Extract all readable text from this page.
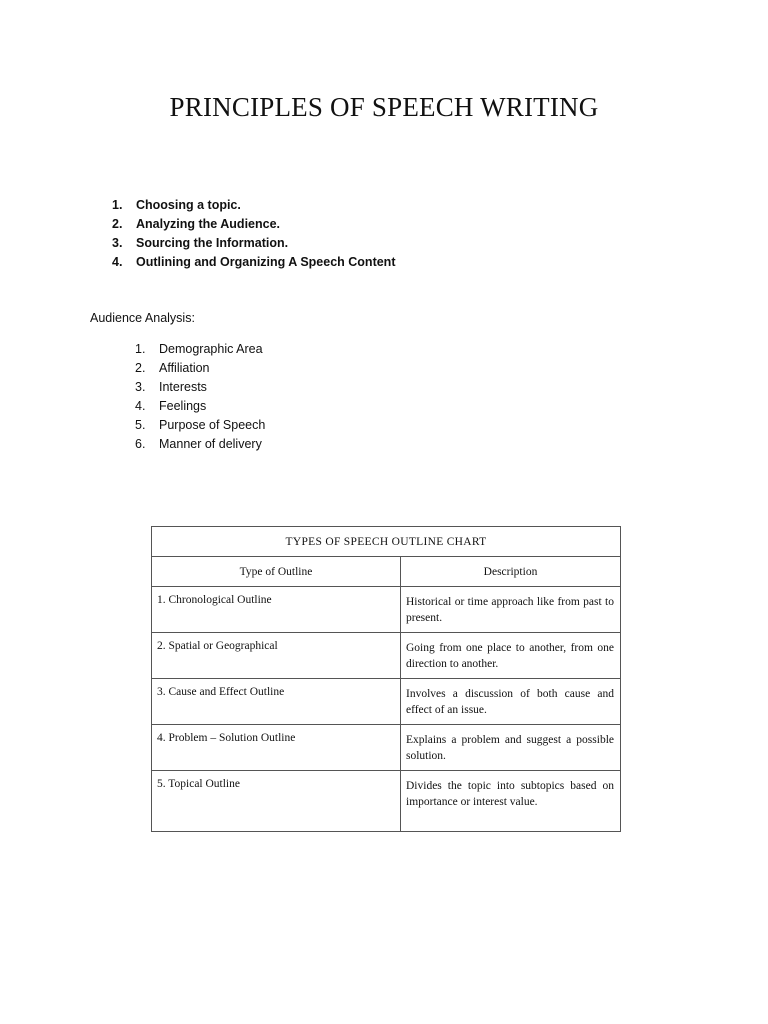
PRINCIPLES OF SPEECH WRITING
1. Choosing a topic.
2. Analyzing the Audience.
3. Sourcing the Information.
4. Outlining and Organizing A Speech Content

Audience Analysis:

1. Demographic Area
2. Affiliation
3. Interests
4. Feelings
5. Purpose of Speech
6. Manner of delivery
TYPES OF SPEECH OUTLINE CHART	
Type of Outline	Description
1. Chronological Outline	Historical or time approach like from past to present.
2. Spatial or Geographical	Going from one place to another, from one direction to another.
3. Cause and Effect Outline	Involves a discussion of both cause and effect of an issue.
4. Problem – Solution Outline	Explains a problem and suggest a possible solution.
5. Topical Outline	Divides the topic into subtopics based on importance or interest value.
